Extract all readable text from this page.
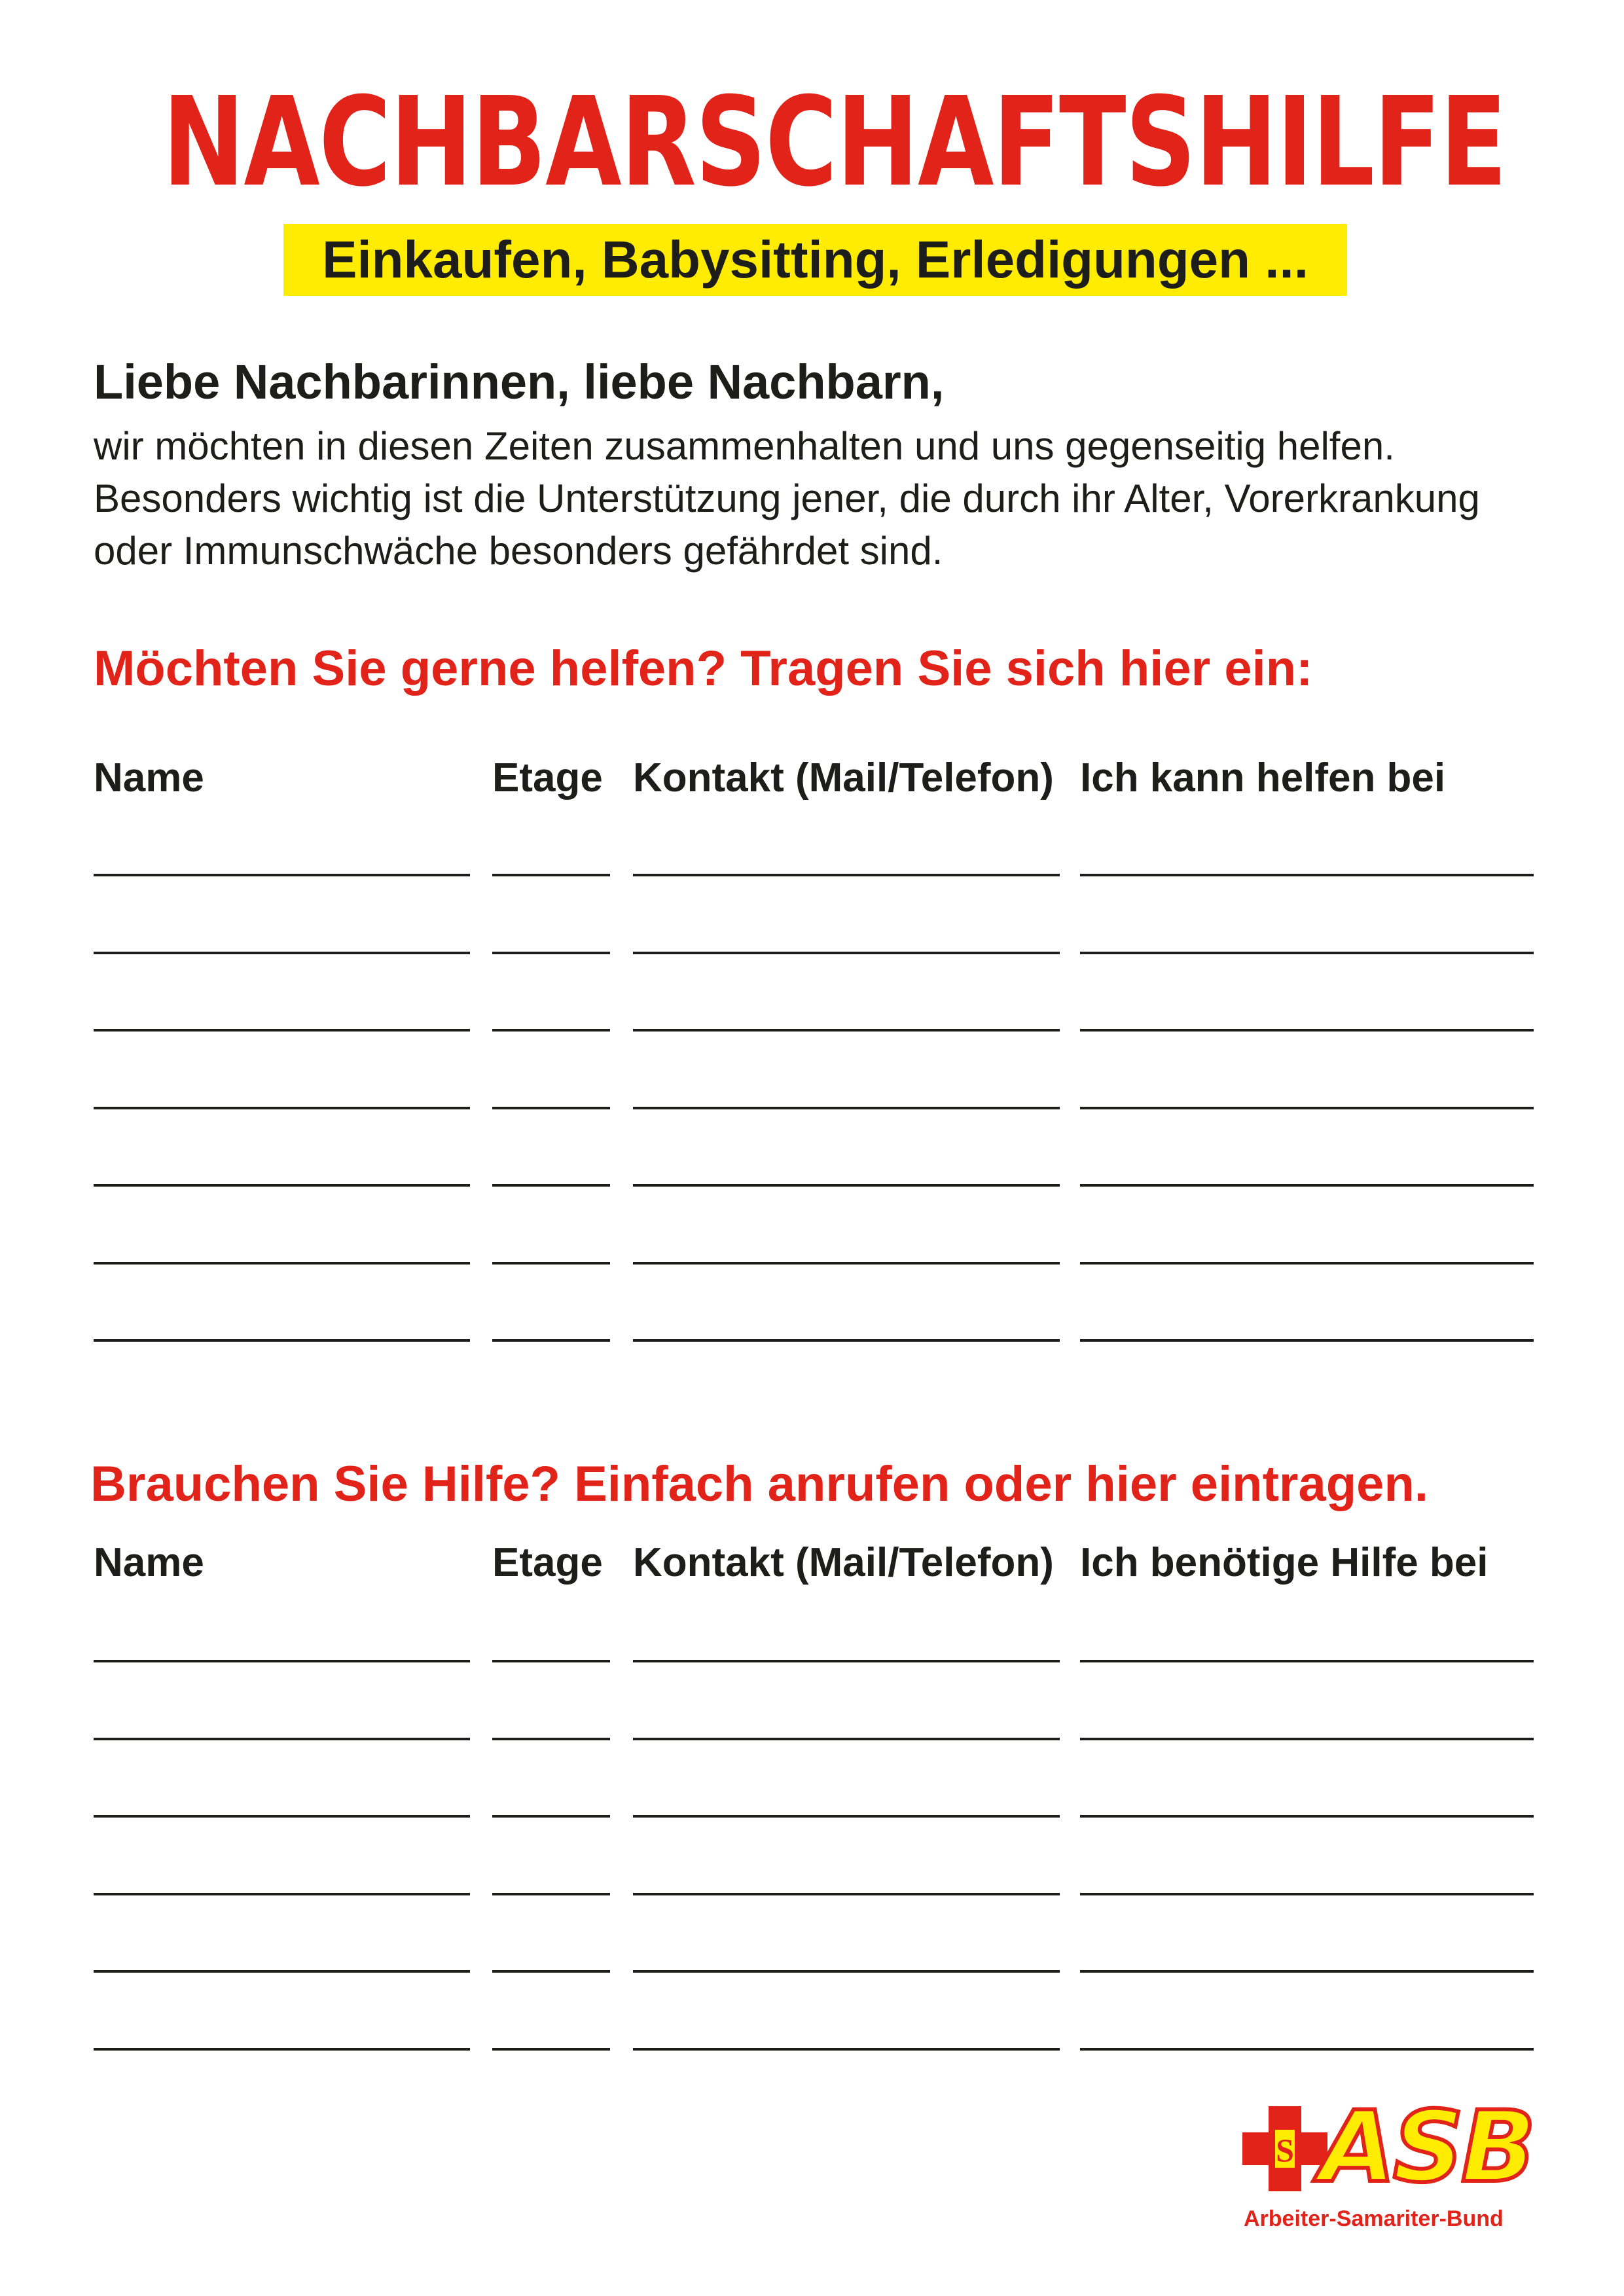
NACHBARSCHAFTSHILFE
Einkaufen, Babysitting, Erledigungen ...
Liebe Nachbarinnen, liebe Nachbarn,
wir möchten in diesen Zeiten zusammenhalten und uns gegenseitig helfen.
Besonders wichtig ist die Unterstützung jener, die durch ihr Alter, Vorerkrankung
oder Immunschwäche besonders gefährdet sind.
Möchten Sie gerne helfen? Tragen Sie sich hier ein:
Name	Etage Kontakt (Mail/Telefon) Ich kann helfen bei
Brauchen Sie Hilfe? Einfach anrufen oder hier eintragen.
Name	Etage Kontakt (Mail/Telefon) Ich benötige Hilfe bei
S ASB
Arbeiter-Samariter-Bund
